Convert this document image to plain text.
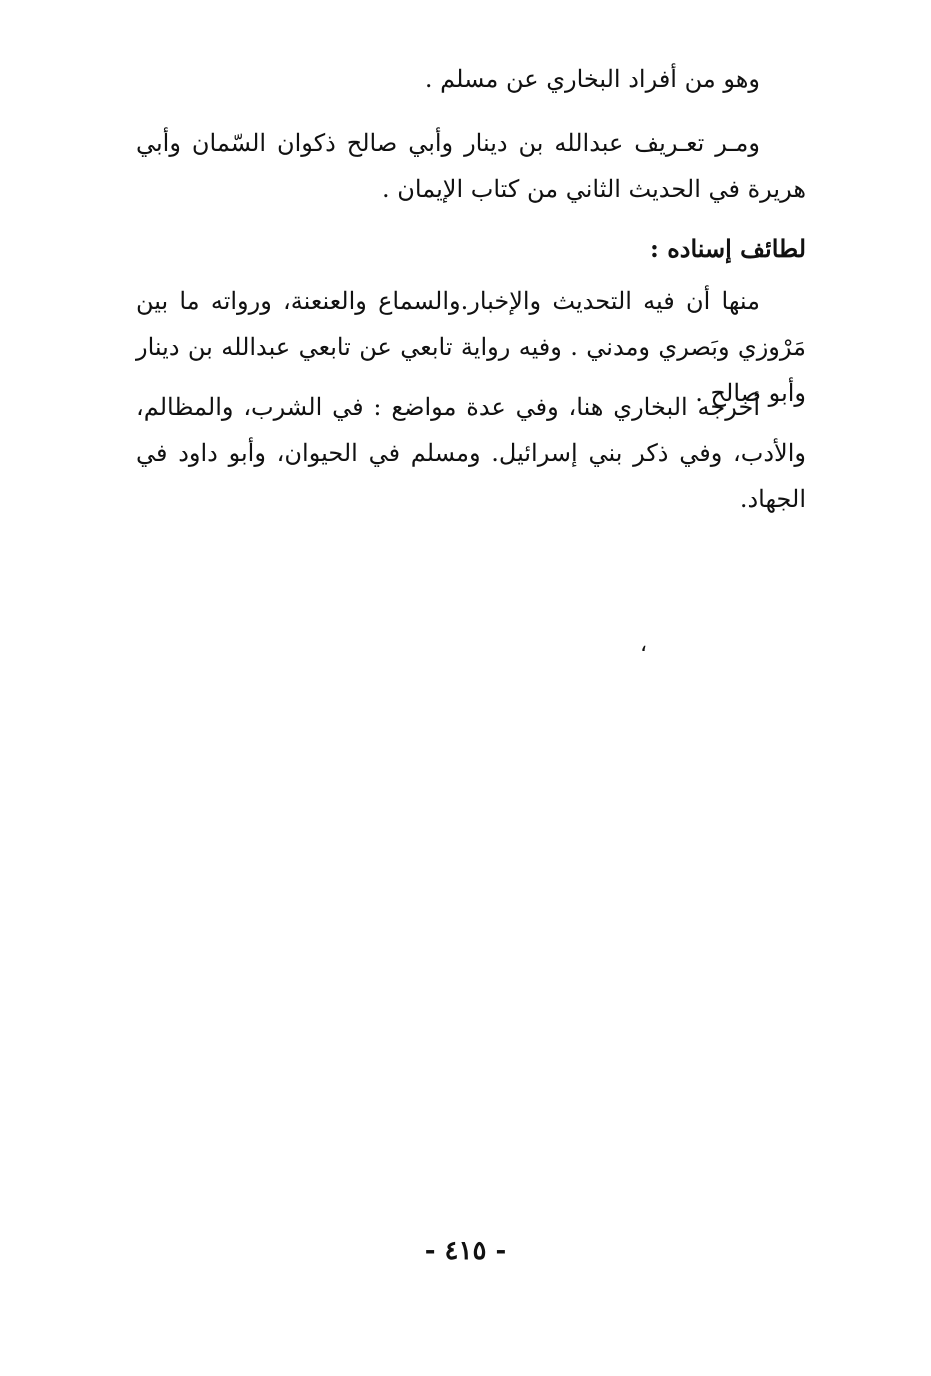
وهو من أفراد البخاري عن مسلم .
ومـر تعـريف عبدالله بن دينار وأبي صالح ذكوان السّمان وأبي هريرة في الحديث الثاني من كتاب الإيمان .
لطائف إسناده :
منها أن فيه التحديث والإخبار.والسماع والعنعنة، ورواته ما بين مَرْوزي وبَصري ومدني . وفيه رواية تابعي عن تابعي عبدالله بن دينار وأبو صالح .
أخرجه البخاري هنا، وفي عدة مواضع : في الشرب، والمظالم، والأدب، وفي ذكر بني إسرائيل. ومسلم في الحيوان، وأبو داود في الجهاد.
،
- ٤١٥ -
